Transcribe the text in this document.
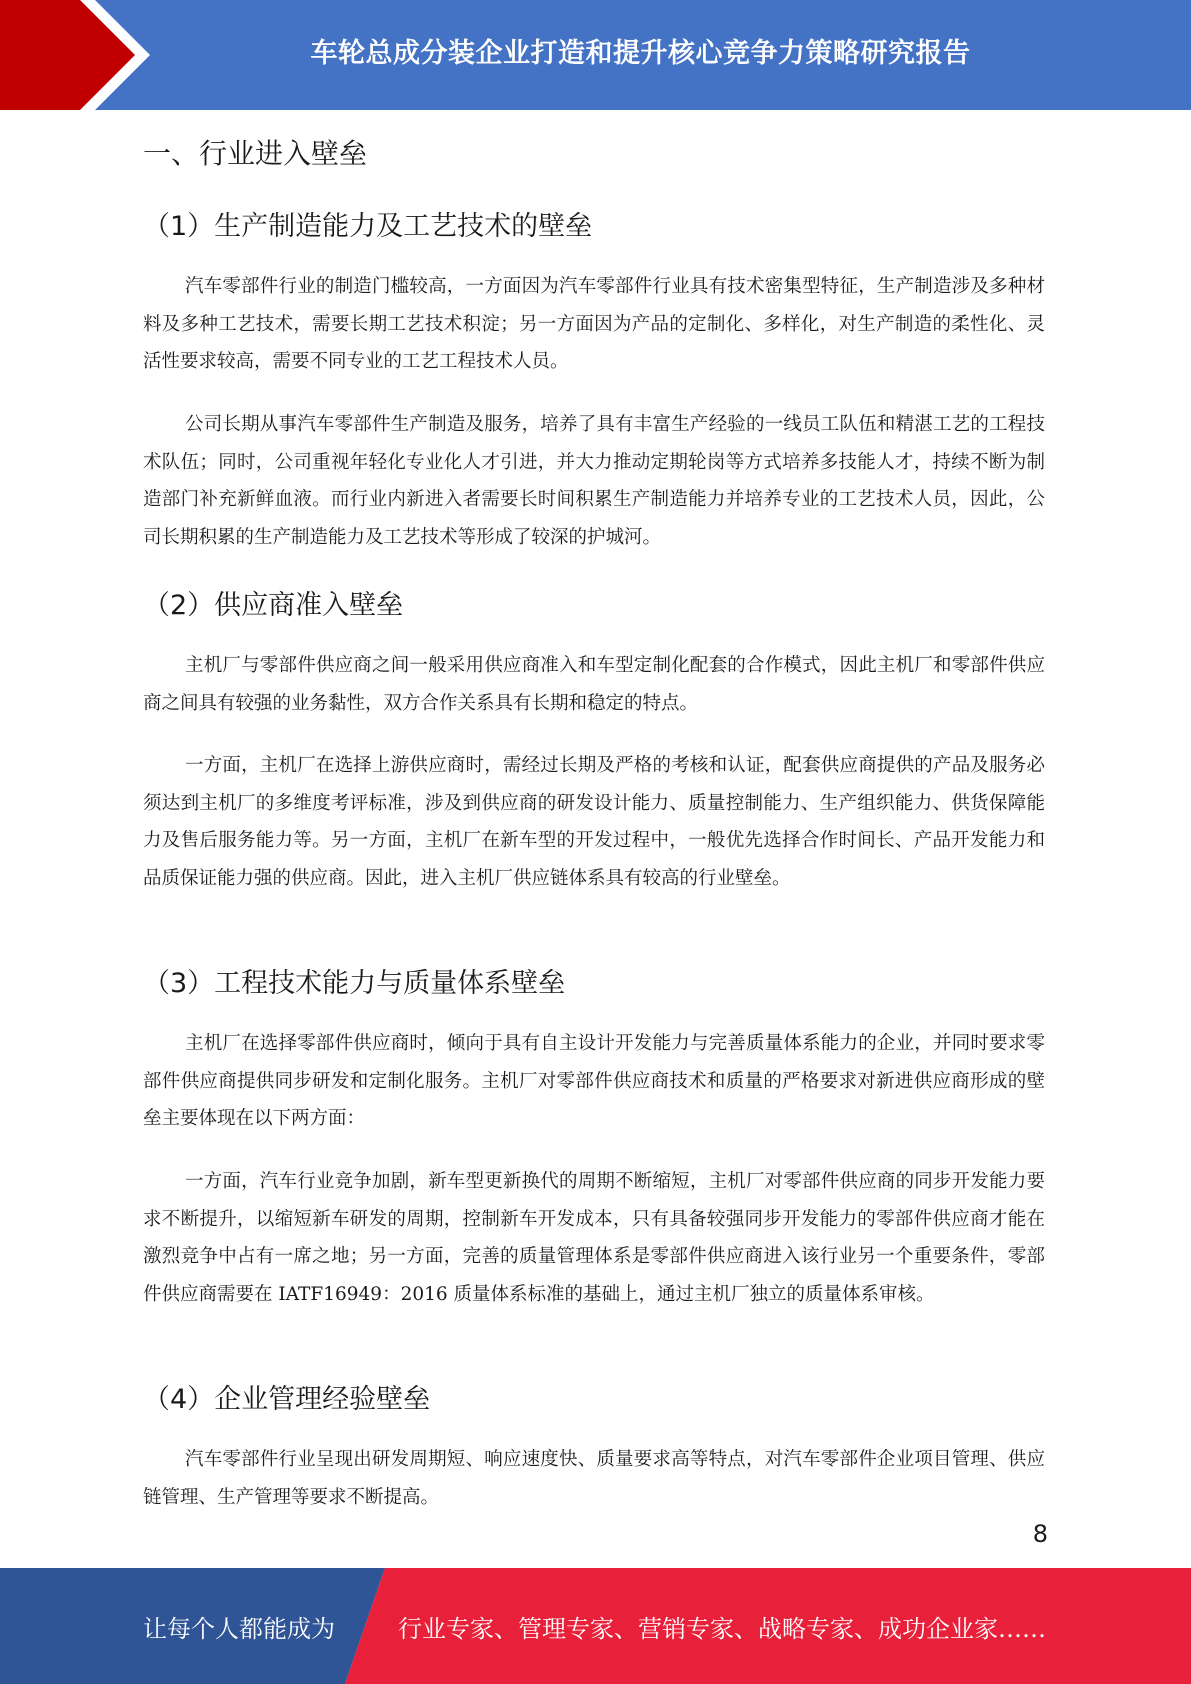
车轮总成分装企业打造和提升核心竞争力策略研究报告
一、行业进入壁垒
（1）生产制造能力及工艺技术的壁垒

汽车零部件行业的制造门槛较高，一方面因为汽车零部件行业具有技术密集型特征，生产制造涉及多种材料及多种工艺技术，需要长期工艺技术积淀；另一方面因为产品的定制化、多样化，对生产制造的柔性化、灵活性要求较高，需要不同专业的工艺工程技术人员。

公司长期从事汽车零部件生产制造及服务，培养了具有丰富生产经验的一线员工队伍和精湛工艺的工程技术队伍；同时，公司重视年轻化专业化人才引进，并大力推动定期轮岗等方式培养多技能人才，持续不断为制造部门补充新鲜血液。而行业内新进入者需要长时间积累生产制造能力并培养专业的工艺技术人员，因此，公司长期积累的生产制造能力及工艺技术等形成了较深的护城河。

（2）供应商准入壁垒

主机厂与零部件供应商之间一般采用供应商准入和车型定制化配套的合作模式，因此主机厂和零部件供应商之间具有较强的业务黏性，双方合作关系具有长期和稳定的特点。

一方面，主机厂在选择上游供应商时，需经过长期及严格的考核和认证，配套供应商提供的产品及服务必须达到主机厂的多维度考评标准，涉及到供应商的研发设计能力、质量控制能力、生产组织能力、供货保障能力及售后服务能力等。另一方面，主机厂在新车型的开发过程中，一般优先选择合作时间长、产品开发能力和品质保证能力强的供应商。因此，进入主机厂供应链体系具有较高的行业壁垒。

（3）工程技术能力与质量体系壁垒

主机厂在选择零部件供应商时，倾向于具有自主设计开发能力与完善质量体系能力的企业，并同时要求零部件供应商提供同步研发和定制化服务。主机厂对零部件供应商技术和质量的严格要求对新进供应商形成的壁垒主要体现在以下两方面：

一方面，汽车行业竞争加剧，新车型更新换代的周期不断缩短，主机厂对零部件供应商的同步开发能力要求不断提升，以缩短新车研发的周期，控制新车开发成本，只有具备较强同步开发能力的零部件供应商才能在激烈竞争中占有一席之地；另一方面，完善的质量管理体系是零部件供应商进入该行业另一个重要条件，零部件供应商需要在 IATF16949：2016 质量体系标准的基础上，通过主机厂独立的质量体系审核。

（4）企业管理经验壁垒

汽车零部件行业呈现出研发周期短、响应速度快、质量要求高等特点，对汽车零部件企业项目管理、供应链管理、生产管理等要求不断提高。

8
让每个人都能成为	行业专家、管理专家、营销专家、战略专家、成功企业家……
